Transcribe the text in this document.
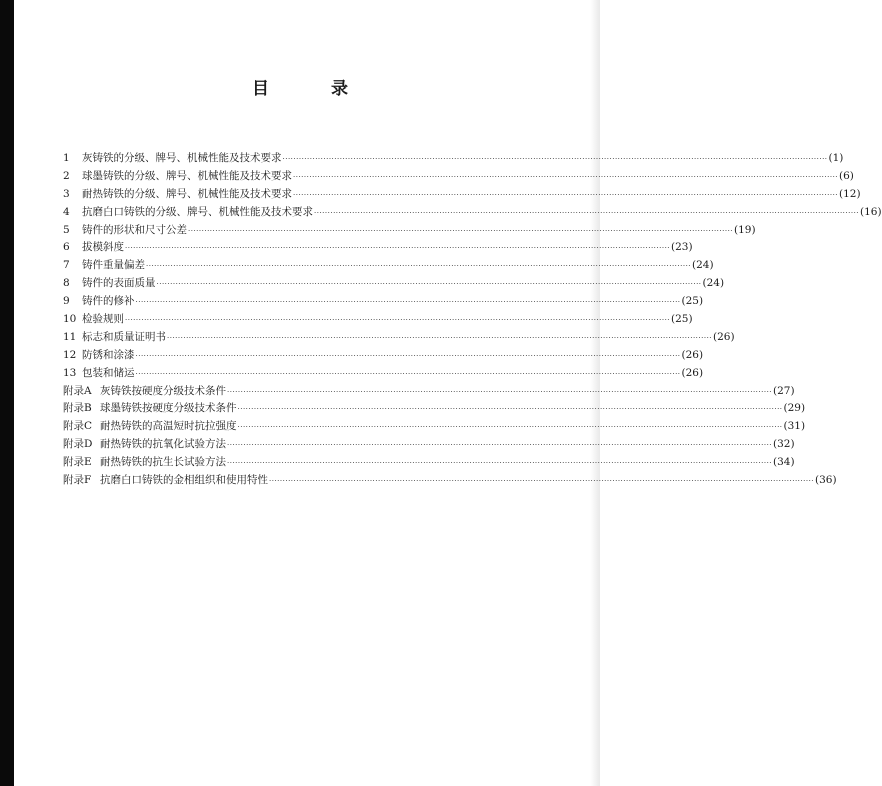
目 录
1	灰铸铁的分级、牌号、机械性能及技术要求 ········································································································································································································ (1)
2	球墨铸铁的分级、牌号、机械性能及技术要求 ········································································································································································································ (6)
3	耐热铸铁的分级、牌号、机械性能及技术要求 ········································································································································································································ (12)
4	抗磨白口铸铁的分级、牌号、机械性能及技术要求 ········································································································································································································ (16)
5	铸件的形状和尺寸公差 ········································································································································································································ (19)
6	拔模斜度 ········································································································································································································ (23)
7	铸件重量偏差 ········································································································································································································ (24)
8	铸件的表面质量 ········································································································································································································ (24)
9	铸件的修补 ········································································································································································································ (25)
10 检验规则 ········································································································································································································ (25)
11 标志和质量证明书 ········································································································································································································ (26)
12 防锈和涂漆 ········································································································································································································ (26)
13 包装和储运 ········································································································································································································ (26)
附录A 灰铸铁按硬度分级技术条件 ········································································································································································································ (27)
附录B 球墨铸铁按硬度分级技术条件 ········································································································································································································ (29)
附录C 耐热铸铁的高温短时抗拉强度 ········································································································································································································ (31)
附录D 耐热铸铁的抗氧化试验方法 ········································································································································································································ (32)
附录E 耐热铸铁的抗生长试验方法 ········································································································································································································ (34)
附录F 抗磨白口铸铁的金相组织和使用特性 ········································································································································································································ (36)
